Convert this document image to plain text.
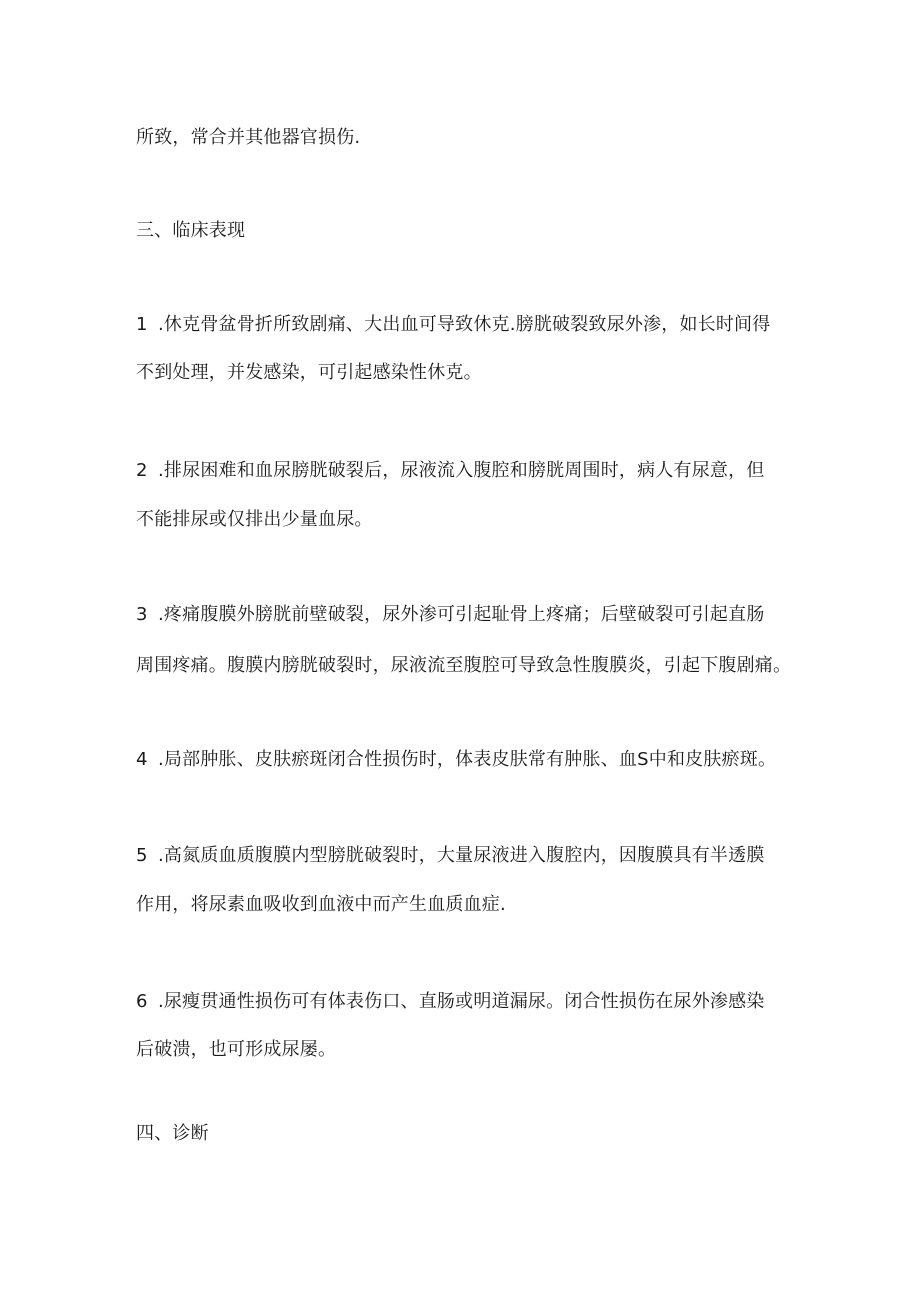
所致，常合并其他器官损伤.

三、临床表现

1 .休克骨盆骨折所致剧痛、大出血可导致休克.膀胱破裂致尿外渗，如长时间得

不到处理，并发感染，可引起感染性休克。

2 .排尿困难和血尿膀胱破裂后，尿液流入腹腔和膀胱周围时，病人有尿意，但

不能排尿或仅排出少量血尿。

3 .疼痛腹膜外膀胱前壁破裂，尿外渗可引起耻骨上疼痛；后壁破裂可引起直肠

周围疼痛。腹膜内膀胱破裂时，尿液流至腹腔可导致急性腹膜炎，引起下腹剧痛。

4 .局部肿胀、皮肤瘀斑闭合性损伤时，体表皮肤常有肿胀、血S中和皮肤瘀斑。

5 .高氮质血质腹膜内型膀胱破裂时，大量尿液进入腹腔内，因腹膜具有半透膜

作用，将尿素血吸收到血液中而产生血质血症.

6 .尿瘦贯通性损伤可有体表伤口、直肠或明道漏尿。闭合性损伤在尿外渗感染

后破溃，也可形成尿屡。

四、诊断
